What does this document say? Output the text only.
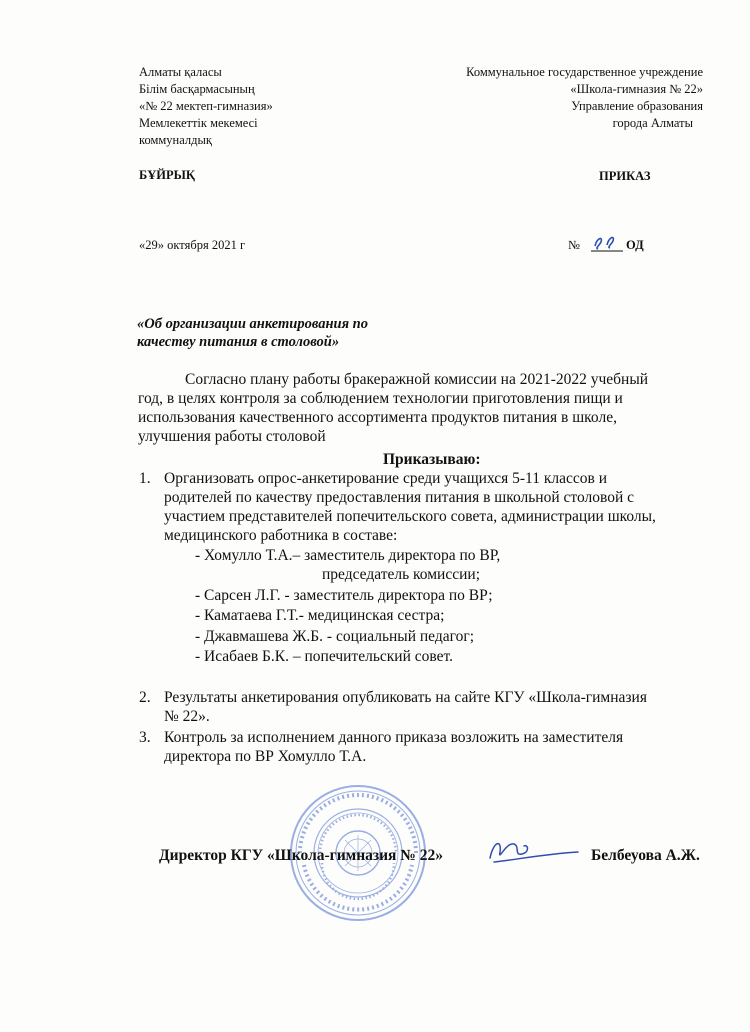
Алматы қаласы
Білім басқармасының
«№ 22 мектеп-гимназия»
Мемлекеттік мекемесі
коммуналдық
Коммунальное государственное учреждение
«Школа-гимназия № 22»
Управление образования
города Алматы
БҰЙРЫҚ	ПРИКАЗ
«29» октября 2021 г	№	55 ОД
«Об организации анкетирования по
качеству питания в столовой»
Согласно плану работы бракеражной комиссии на 2021-2022 учебный
год, в целях контроля за соблюдением технологии приготовления пищи и
использования качественного ассортимента продуктов питания в школе,
улучшения работы столовой
Приказываю:
1. Организовать опрос-анкетирование среди учащихся 5-11 классов и
родителей по качеству предоставления питания в школьной столовой с
участием представителей попечительского совета, администрации школы,
медицинского работника в составе:
- Хомулло Т.А.– заместитель директора по ВР,
председатель комиссии;
- Сарсен Л.Г. - заместитель директора по ВР;
- Каматаева Г.Т.- медицинская сестра;
- Джавмашева Ж.Б. - социальный педагог;
- Исабаев Б.К. – попечительский совет.
2. Результаты анкетирования опубликовать на сайте КГУ «Школа-гимназия
№ 22».
3. Контроль за исполнением данного приказа возложить на заместителя
директора по ВР Хомулло Т.А.
Директор КГУ «Школа-гимназия № 22»	Белбеуова А.Ж.
